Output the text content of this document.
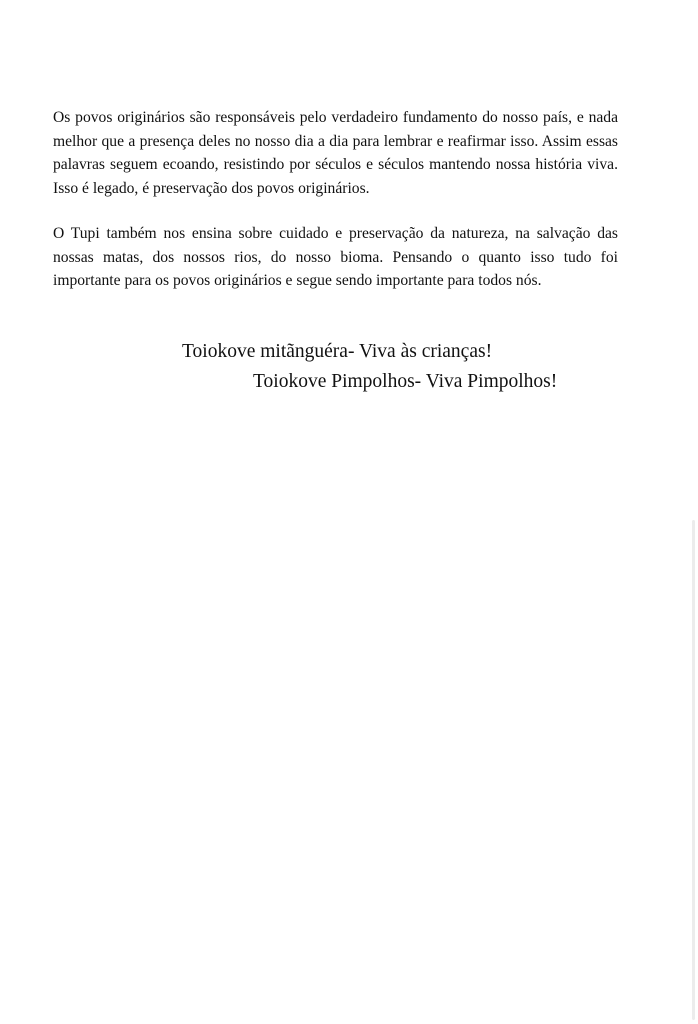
Os povos originários são responsáveis pelo verdadeiro fundamento do nosso país, e nada melhor que a presença deles no nosso dia a dia para lembrar e reafirmar isso. Assim essas palavras seguem ecoando, resistindo por séculos e séculos mantendo nossa história viva. Isso é legado, é preservação dos povos originários.

O Tupi também nos ensina sobre cuidado e preservação da natureza, na salvação das nossas matas, dos nossos rios, do nosso bioma. Pensando o quanto isso tudo foi importante para os povos originários e segue sendo importante para todos nós.

Toiokove mitãnguéra- Viva às crianças!

Toiokove Pimpolhos- Viva Pimpolhos!
